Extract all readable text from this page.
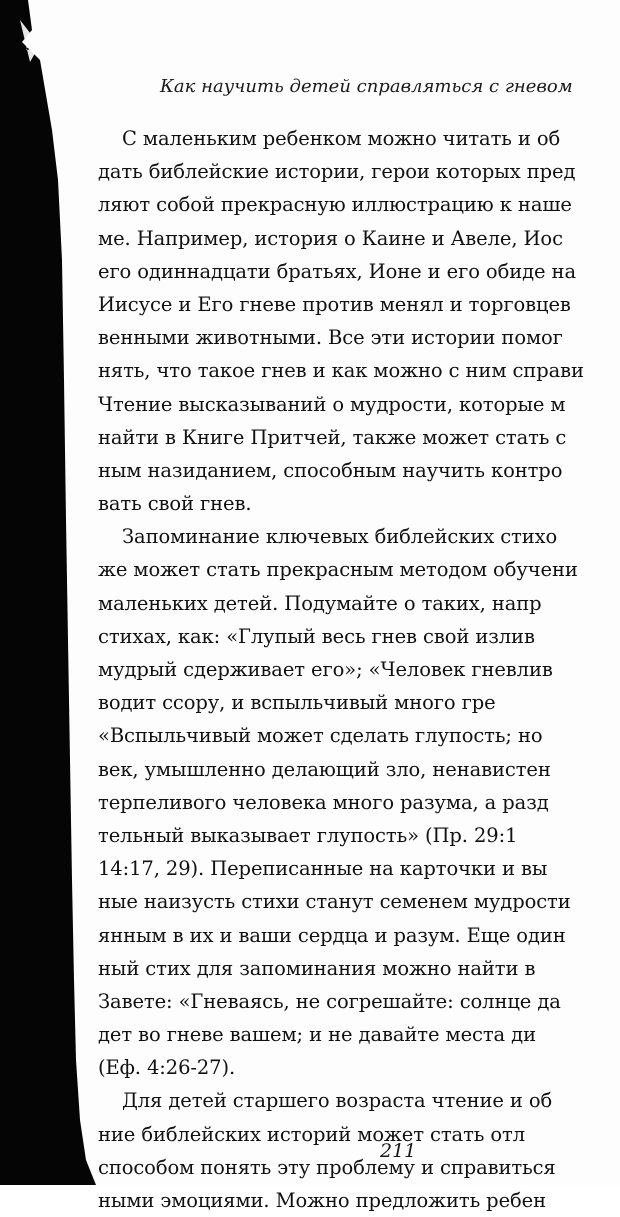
Как научить детей справляться с гневом
С маленьким ребенком можно читать и об
дать библейские истории, герои которых пред
ляют собой прекрасную иллюстрацию к наше
ме. Например, история о Каине и Авеле, Иос
его одиннадцати братьях, Ионе и его обиде на
Иисусе и Его гневе против менял и торговцев
венными животными. Все эти истории помог
нять, что такое гнев и как можно с ним справи
Чтение высказываний о мудрости, которые м
найти в Книге Притчей, также может стать с
ным назиданием, способным научить контро
вать свой гнев.
Запоминание ключевых библейских стихо
же может стать прекрасным методом обучени
маленьких детей. Подумайте о таких, напр
стихах, как: «Глупый весь гнев свой излив
мудрый сдерживает его»; «Человек гневлив
водит ссору, и вспыльчивый много гре
«Вспыльчивый может сделать глупость; но
век, умышленно делающий зло, ненавистен
терпеливого человека много разума, а разд
тельный выказывает глупость» (Пр. 29:1
14:17, 29). Переписанные на карточки и вы
ные наизусть стихи станут семенем мудрости
янным в их и ваши сердца и разум. Еще один
ный стих для запоминания можно найти в
Завете: «Гневаясь, не согрешайте: солнце да
дет во гневе вашем; и не давайте места ди
(Еф. 4:26-27).
Для детей старшего возраста чтение и об
ние библейских историй может стать отл
способом понять эту проблему и справиться
ными эмоциями. Можно предложить ребен
211
